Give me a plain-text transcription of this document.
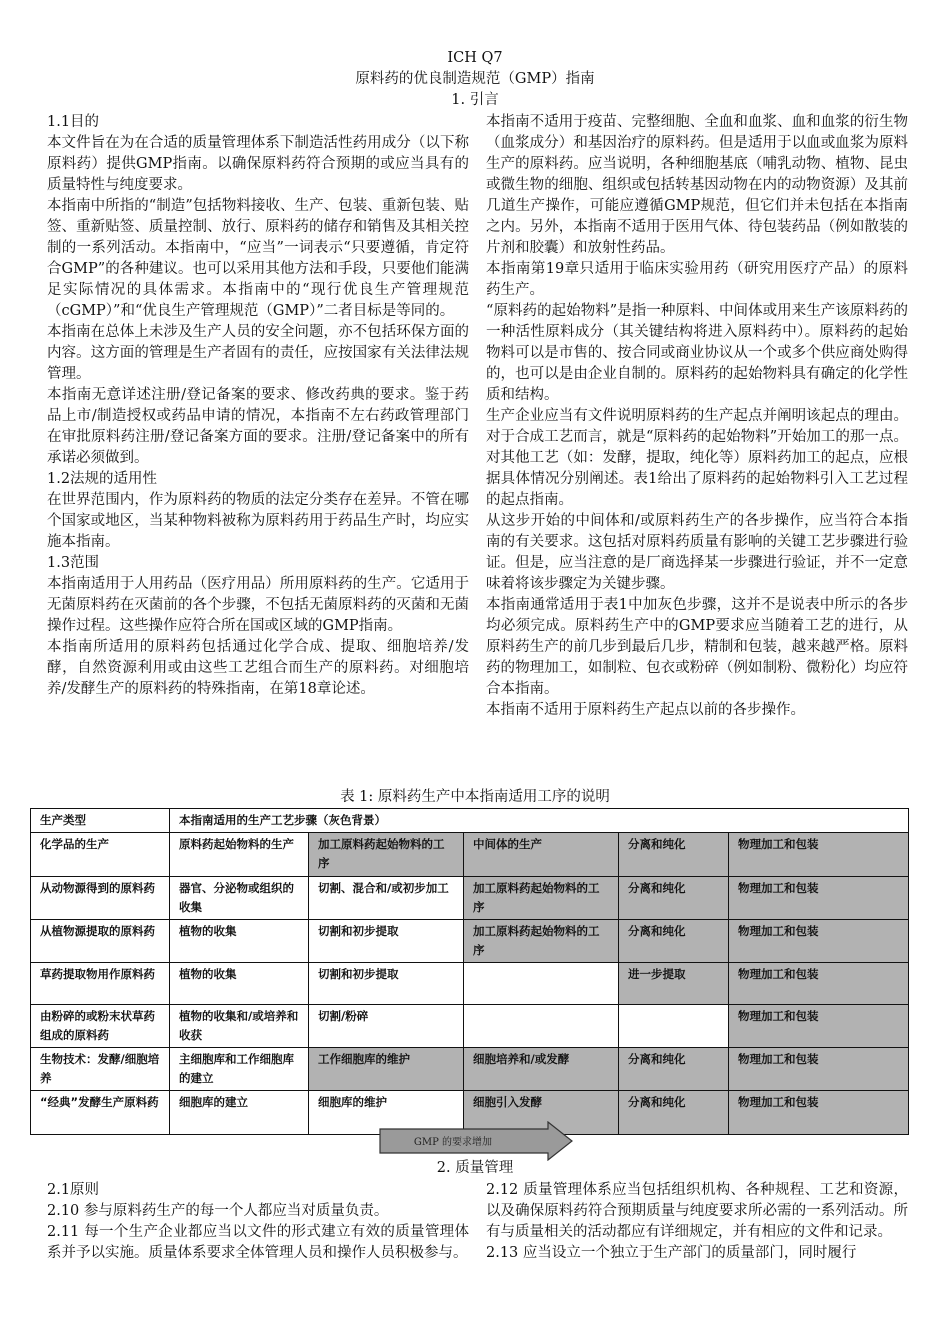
ICH Q7
原料药的优良制造规范（GMP）指南
1. 引言

1.1目的

本文件旨在为在合适的质量管理体系下制造活性药用成分（以下称原料药）提供GMP指南。以确保原料药符合预期的或应当具有的质量特性与纯度要求。

本指南中所指的“制造”包括物料接收、生产、包装、重新包装、贴签、重新贴签、质量控制、放行、原料药的储存和销售及其相关控制的一系列活动。本指南中，“应当”一词表示“只要遵循，肯定符合GMP”的各种建议。也可以采用其他方法和手段，只要他们能满足实际情况的具体需求。本指南中的“现行优良生产管理规范（cGMP）”和“优良生产管理规范（GMP）”二者目标是等同的。

本指南在总体上未涉及生产人员的安全问题，亦不包括环保方面的内容。这方面的管理是生产者固有的责任，应按国家有关法律法规管理。

本指南无意详述注册/登记备案的要求、修改药典的要求。鉴于药品上市/制造授权或药品申请的情况，本指南不左右药政管理部门在审批原料药注册/登记备案方面的要求。注册/登记备案中的所有承诺必须做到。

1.2法规的适用性

在世界范围内，作为原料药的物质的法定分类存在差异。不管在哪个国家或地区，当某种物料被称为原料药用于药品生产时，均应实施本指南。

1.3范围

本指南适用于人用药品（医疗用品）所用原料药的生产。它适用于无菌原料药在灭菌前的各个步骤，不包括无菌原料药的灭菌和无菌操作过程。这些操作应符合所在国或区域的GMP指南。

本指南所适用的原料药包括通过化学合成、提取、细胞培养/发酵，自然资源利用或由这些工艺组合而生产的原料药。对细胞培养/发酵生产的原料药的特殊指南，在第18章论述。

本指南不适用于疫苗、完整细胞、全血和血浆、血和血浆的衍生物（血浆成分）和基因治疗的原料药。但是适用于以血或血浆为原料生产的原料药。应当说明，各种细胞基底（哺乳动物、植物、昆虫或微生物的细胞、组织或包括转基因动物在内的动物资源）及其前几道生产操作，可能应遵循GMP规范，但它们并未包括在本指南之内。另外，本指南不适用于医用气体、待包装药品（例如散装的片剂和胶囊）和放射性药品。

本指南第19章只适用于临床实验用药（研究用医疗产品）的原料药生产。

“原料药的起始物料”是指一种原料、中间体或用来生产该原料药的一种活性原料成分（其关键结构将进入原料药中）。原料药的起始物料可以是市售的、按合同或商业协议从一个或多个供应商处购得的，也可以是由企业自制的。原料药的起始物料具有确定的化学性质和结构。

生产企业应当有文件说明原料药的生产起点并阐明该起点的理由。对于合成工艺而言，就是“原料药的起始物料”开始加工的那一点。对其他工艺（如：发酵，提取，纯化等）原料药加工的起点，应根据具体情况分别阐述。表1给出了原料药的起始物料引入工艺过程的起点指南。

从这步开始的中间体和/或原料药生产的各步操作，应当符合本指南的有关要求。这包括对原料药质量有影响的关键工艺步骤进行验证。但是，应当注意的是厂商选择某一步骤进行验证，并不一定意味着将该步骤定为关键步骤。

本指南通常适用于表1中加灰色步骤，这并不是说表中所示的各步均必须完成。原料药生产中的GMP要求应当随着工艺的进行，从原料药生产的前几步到最后几步，精制和包装，越来越严格。原料药的物理加工，如制粒、包衣或粉碎（例如制粉、微粉化）均应符合本指南。

本指南不适用于原料药生产起点以前的各步操作。

表 1: 原料药生产中本指南适用工序的说明
生产类型	本指南适用的生产工艺步骤（灰色背景）				
化学品的生产	原料药起始物料的生产	加工原料药起始物料的工序	中间体的生产	分离和纯化	物理加工和包装
从动物源得到的原料药	器官、分泌物或组织的收集	切割、混合和/或初步加工	加工原料药起始物料的工序	分离和纯化	物理加工和包装
从植物源提取的原料药	植物的收集	切割和初步提取	加工原料药起始物料的工序	分离和纯化	物理加工和包装
草药提取物用作原料药	植物的收集	切割和初步提取		进一步提取	物理加工和包装
由粉碎的或粉末状草药组成的原料药	植物的收集和/或培养和收获	切割/粉碎			物理加工和包装
生物技术：发酵/细胞培养	主细胞库和工作细胞库的建立	工作细胞库的维护	细胞培养和/或发酵	分离和纯化	物理加工和包装
“经典”发酵生产原料药	细胞库的建立	细胞库的维护	细胞引入发酵	分离和纯化	物理加工和包装
GMP 的要求增加
2. 质量管理

2.1原则

2.10 参与原料药生产的每一个人都应当对质量负责。

2.11 每一个生产企业都应当以文件的形式建立有效的质量管理体系并予以实施。质量体系要求全体管理人员和操作人员积极参与。

2.12 质量管理体系应当包括组织机构、各种规程、工艺和资源，以及确保原料药符合预期质量与纯度要求所必需的一系列活动。所有与质量相关的活动都应有详细规定，并有相应的文件和记录。

2.13 应当设立一个独立于生产部门的质量部门，同时履行
